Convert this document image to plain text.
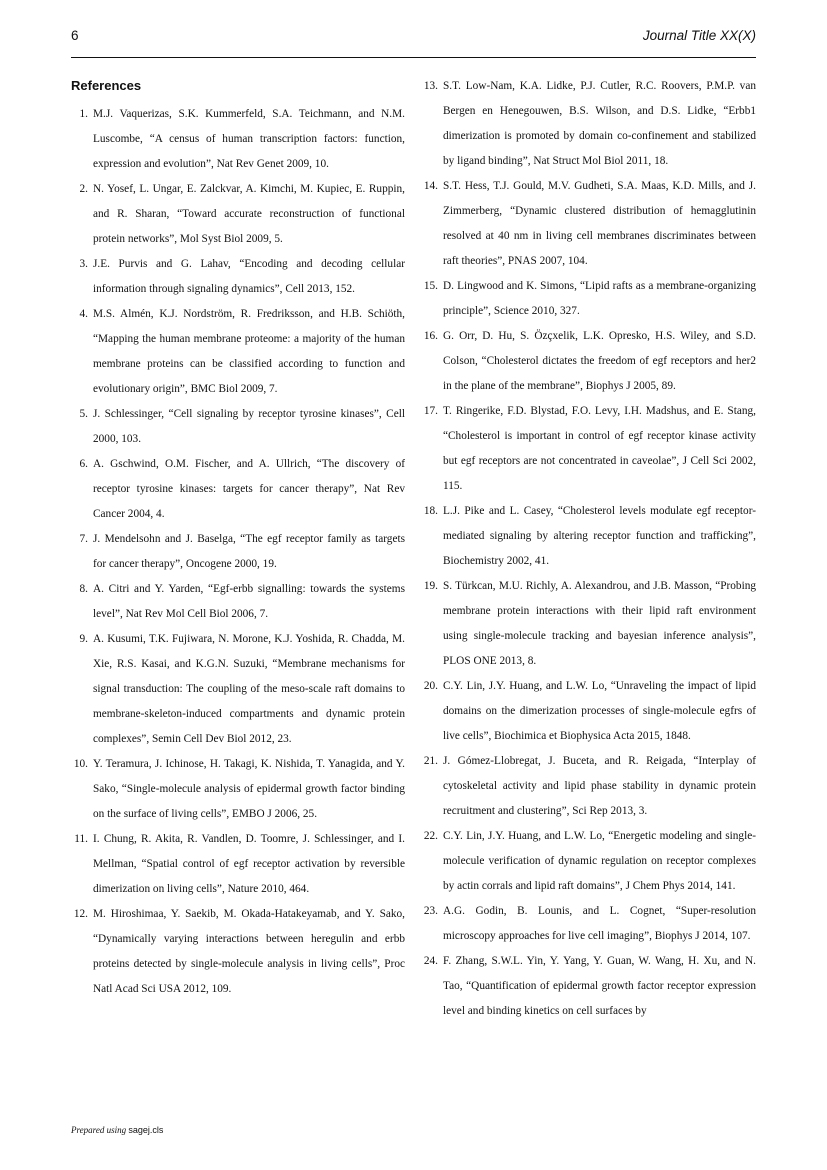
6	Journal Title XX(X)
References
1. M.J. Vaquerizas, S.K. Kummerfeld, S.A. Teichmann, and N.M. Luscombe, “A census of human transcription factors: function, expression and evolution”, Nat Rev Genet 2009, 10.
2. N. Yosef, L. Ungar, E. Zalckvar, A. Kimchi, M. Kupiec, E. Ruppin, and R. Sharan, “Toward accurate reconstruction of functional protein networks”, Mol Syst Biol 2009, 5.
3. J.E. Purvis and G. Lahav, “Encoding and decoding cellular information through signaling dynamics”, Cell 2013, 152.
4. M.S. Almén, K.J. Nordström, R. Fredriksson, and H.B. Schiöth, “Mapping the human membrane proteome: a majority of the human membrane proteins can be classified according to function and evolutionary origin”, BMC Biol 2009, 7.
5. J. Schlessinger, “Cell signaling by receptor tyrosine kinases”, Cell 2000, 103.
6. A. Gschwind, O.M. Fischer, and A. Ullrich, “The discovery of receptor tyrosine kinases: targets for cancer therapy”, Nat Rev Cancer 2004, 4.
7. J. Mendelsohn and J. Baselga, “The egf receptor family as targets for cancer therapy”, Oncogene 2000, 19.
8. A. Citri and Y. Yarden, “Egf-erbb signalling: towards the systems level”, Nat Rev Mol Cell Biol 2006, 7.
9. A. Kusumi, T.K. Fujiwara, N. Morone, K.J. Yoshida, R. Chadda, M. Xie, R.S. Kasai, and K.G.N. Suzuki, “Membrane mechanisms for signal transduction: The coupling of the meso-scale raft domains to membrane-skeleton-induced compartments and dynamic protein complexes”, Semin Cell Dev Biol 2012, 23.
10. Y. Teramura, J. Ichinose, H. Takagi, K. Nishida, T. Yanagida, and Y. Sako, “Single-molecule analysis of epidermal growth factor binding on the surface of living cells”, EMBO J 2006, 25.
11. I. Chung, R. Akita, R. Vandlen, D. Toomre, J. Schlessinger, and I. Mellman, “Spatial control of egf receptor activation by reversible dimerization on living cells”, Nature 2010, 464.
12. M. Hiroshimaa, Y. Saekib, M. Okada-Hatakeyamab, and Y. Sako, “Dynamically varying interactions between heregulin and erbb proteins detected by single-molecule analysis in living cells”, Proc Natl Acad Sci USA 2012, 109.
13. S.T. Low-Nam, K.A. Lidke, P.J. Cutler, R.C. Roovers, P.M.P. van Bergen en Henegouwen, B.S. Wilson, and D.S. Lidke, “Erbb1 dimerization is promoted by domain co-confinement and stabilized by ligand binding”, Nat Struct Mol Biol 2011, 18.
14. S.T. Hess, T.J. Gould, M.V. Gudheti, S.A. Maas, K.D. Mills, and J. Zimmerberg, “Dynamic clustered distribution of hemagglutinin resolved at 40 nm in living cell membranes discriminates between raft theories”, PNAS 2007, 104.
15. D. Lingwood and K. Simons, “Lipid rafts as a membrane-organizing principle”, Science 2010, 327.
16. G. Orr, D. Hu, S. Özçxelik, L.K. Opresko, H.S. Wiley, and S.D. Colson, “Cholesterol dictates the freedom of egf receptors and her2 in the plane of the membrane”, Biophys J 2005, 89.
17. T. Ringerike, F.D. Blystad, F.O. Levy, I.H. Madshus, and E. Stang, “Cholesterol is important in control of egf receptor kinase activity but egf receptors are not concentrated in caveolae”, J Cell Sci 2002, 115.
18. L.J. Pike and L. Casey, “Cholesterol levels modulate egf receptor-mediated signaling by altering receptor function and trafficking”, Biochemistry 2002, 41.
19. S. Türkcan, M.U. Richly, A. Alexandrou, and J.B. Masson, “Probing membrane protein interactions with their lipid raft environment using single-molecule tracking and bayesian inference analysis”, PLOS ONE 2013, 8.
20. C.Y. Lin, J.Y. Huang, and L.W. Lo, “Unraveling the impact of lipid domains on the dimerization processes of single-molecule egfrs of live cells”, Biochimica et Biophysica Acta 2015, 1848.
21. J. Gómez-Llobregat, J. Buceta, and R. Reigada, “Interplay of cytoskeletal activity and lipid phase stability in dynamic protein recruitment and clustering”, Sci Rep 2013, 3.
22. C.Y. Lin, J.Y. Huang, and L.W. Lo, “Energetic modeling and single-molecule verification of dynamic regulation on receptor complexes by actin corrals and lipid raft domains”, J Chem Phys 2014, 141.
23. A.G. Godin, B. Lounis, and L. Cognet, “Super-resolution microscopy approaches for live cell imaging”, Biophys J 2014, 107.
24. F. Zhang, S.W.L. Yin, Y. Yang, Y. Guan, W. Wang, H. Xu, and N. Tao, “Quantification of epidermal growth factor receptor expression level and binding kinetics on cell surfaces by
Prepared using sagej.cls
